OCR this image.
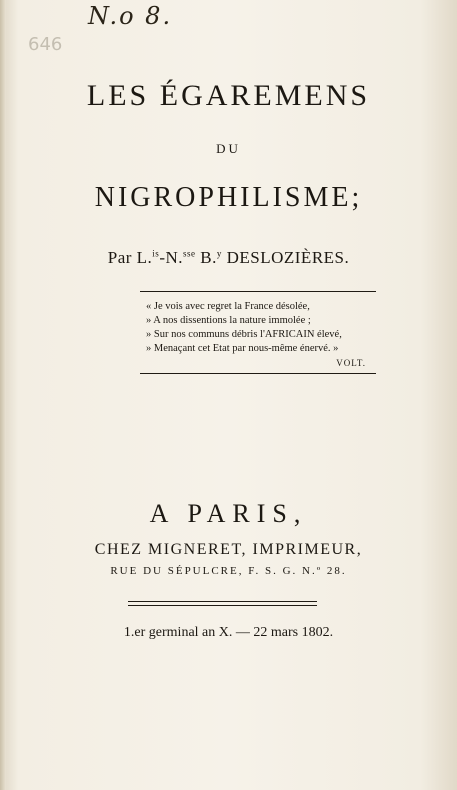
N.o 8.
646
LES ÉGAREMENS
DU
NIGROPHILISME;
Par L.$^{is}$-N.$^{sse}$ B.$^y$ DESLOZIÈRES.
« Je vois avec regret la France désolée,
» A nos dissentions la nature immolée ;
» Sur nos communs débris l'AFRICAIN élevé,
» Menaçant cet Etat par nous-même énervé. »
VOLT.
A PARIS,
CHEZ MIGNERET, IMPRIMEUR,
RUE DU SÉPULCRE, F. S. G. N.º 28.
1.er germinal an X. — 22 mars 1802.
